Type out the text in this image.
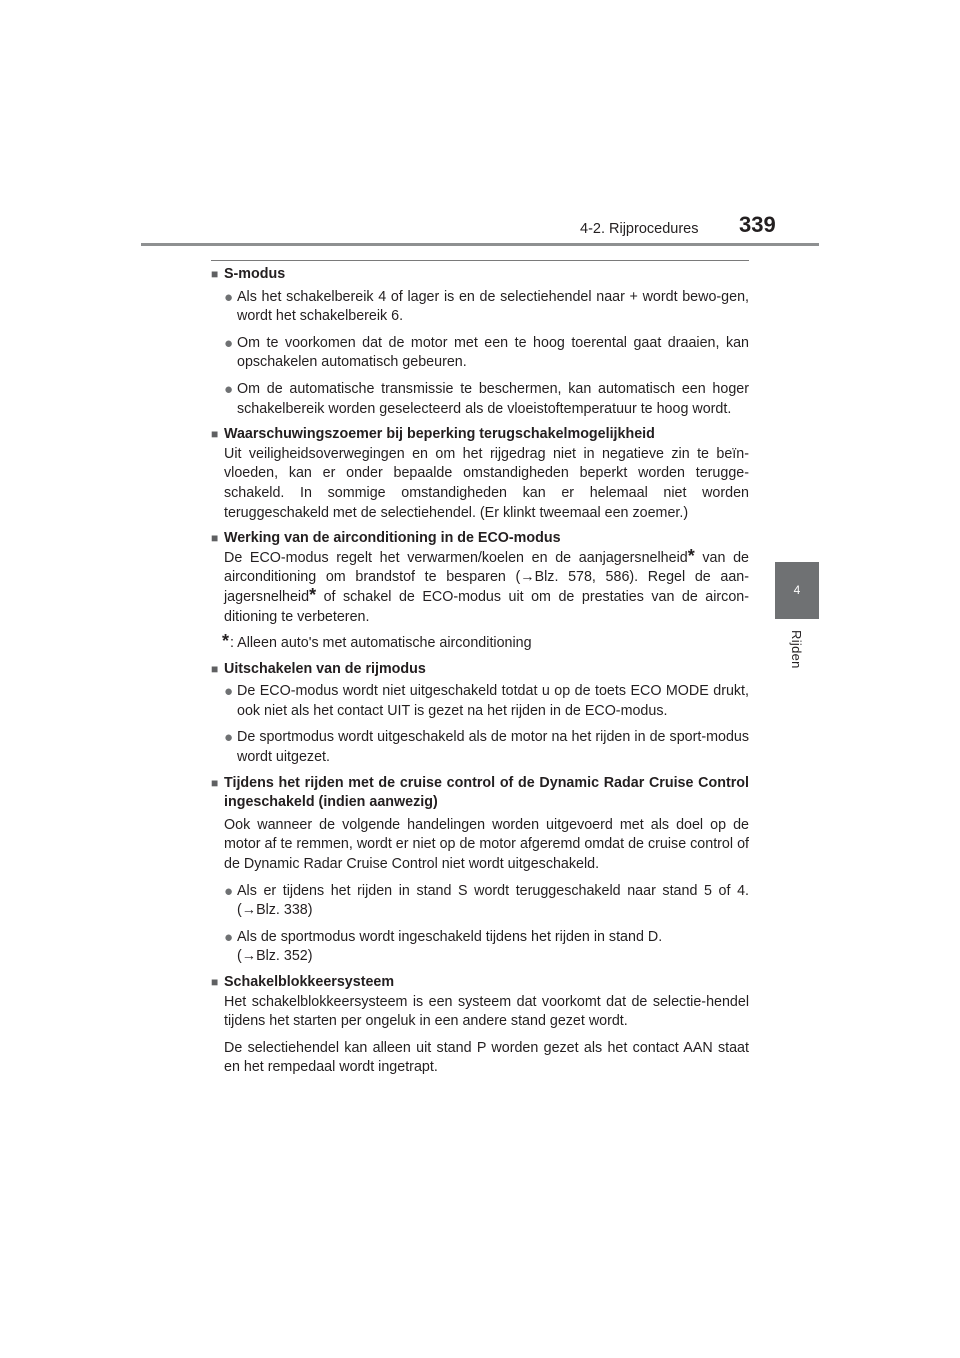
4-2. Rijprocedures 339
4
Rijden
■ S-modus
● Als het schakelbereik 4 of lager is en de selectiehendel naar + wordt bewo-gen, wordt het schakelbereik 6.
● Om te voorkomen dat de motor met een te hoog toerental gaat draaien, kan opschakelen automatisch gebeuren.
● Om de automatische transmissie te beschermen, kan automatisch een hoger schakelbereik worden geselecteerd als de vloeistoftemperatuur te hoog wordt.
■ Waarschuwingszoemer bij beperking terugschakelmogelijkheid
Uit veiligheidsoverwegingen en om het rijgedrag niet in negatieve zin te beïn-vloeden, kan er onder bepaalde omstandigheden beperkt worden terugge-schakeld. In sommige omstandigheden kan er helemaal niet worden teruggeschakeld met de selectiehendel. (Er klinkt tweemaal een zoemer.)
■ Werking van de airconditioning in de ECO-modus
De ECO-modus regelt het verwarmen/koelen en de aanjagersnelheid* van de airconditioning om brandstof te besparen (→Blz. 578, 586). Regel de aan-jagersnelheid* of schakel de ECO-modus uit om de prestaties van de aircon-ditioning te verbeteren.
* : Alleen auto's met automatische airconditioning
■ Uitschakelen van de rijmodus
● De ECO-modus wordt niet uitgeschakeld totdat u op de toets ECO MODE drukt, ook niet als het contact UIT is gezet na het rijden in de ECO-modus.
● De sportmodus wordt uitgeschakeld als de motor na het rijden in de sport-modus wordt uitgezet.
■ Tijdens het rijden met de cruise control of de Dynamic Radar Cruise Control ingeschakeld (indien aanwezig)
Ook wanneer de volgende handelingen worden uitgevoerd met als doel op de motor af te remmen, wordt er niet op de motor afgeremd omdat de cruise control of de Dynamic Radar Cruise Control niet wordt uitgeschakeld.
● Als er tijdens het rijden in stand S wordt teruggeschakeld naar stand 5 of 4. (→Blz. 338)
● Als de sportmodus wordt ingeschakeld tijdens het rijden in stand D.
(→Blz. 352)
■ Schakelblokkeersysteem
Het schakelblokkeersysteem is een systeem dat voorkomt dat de selectie-hendel tijdens het starten per ongeluk in een andere stand gezet wordt.
De selectiehendel kan alleen uit stand P worden gezet als het contact AAN staat en het rempedaal wordt ingetrapt.
